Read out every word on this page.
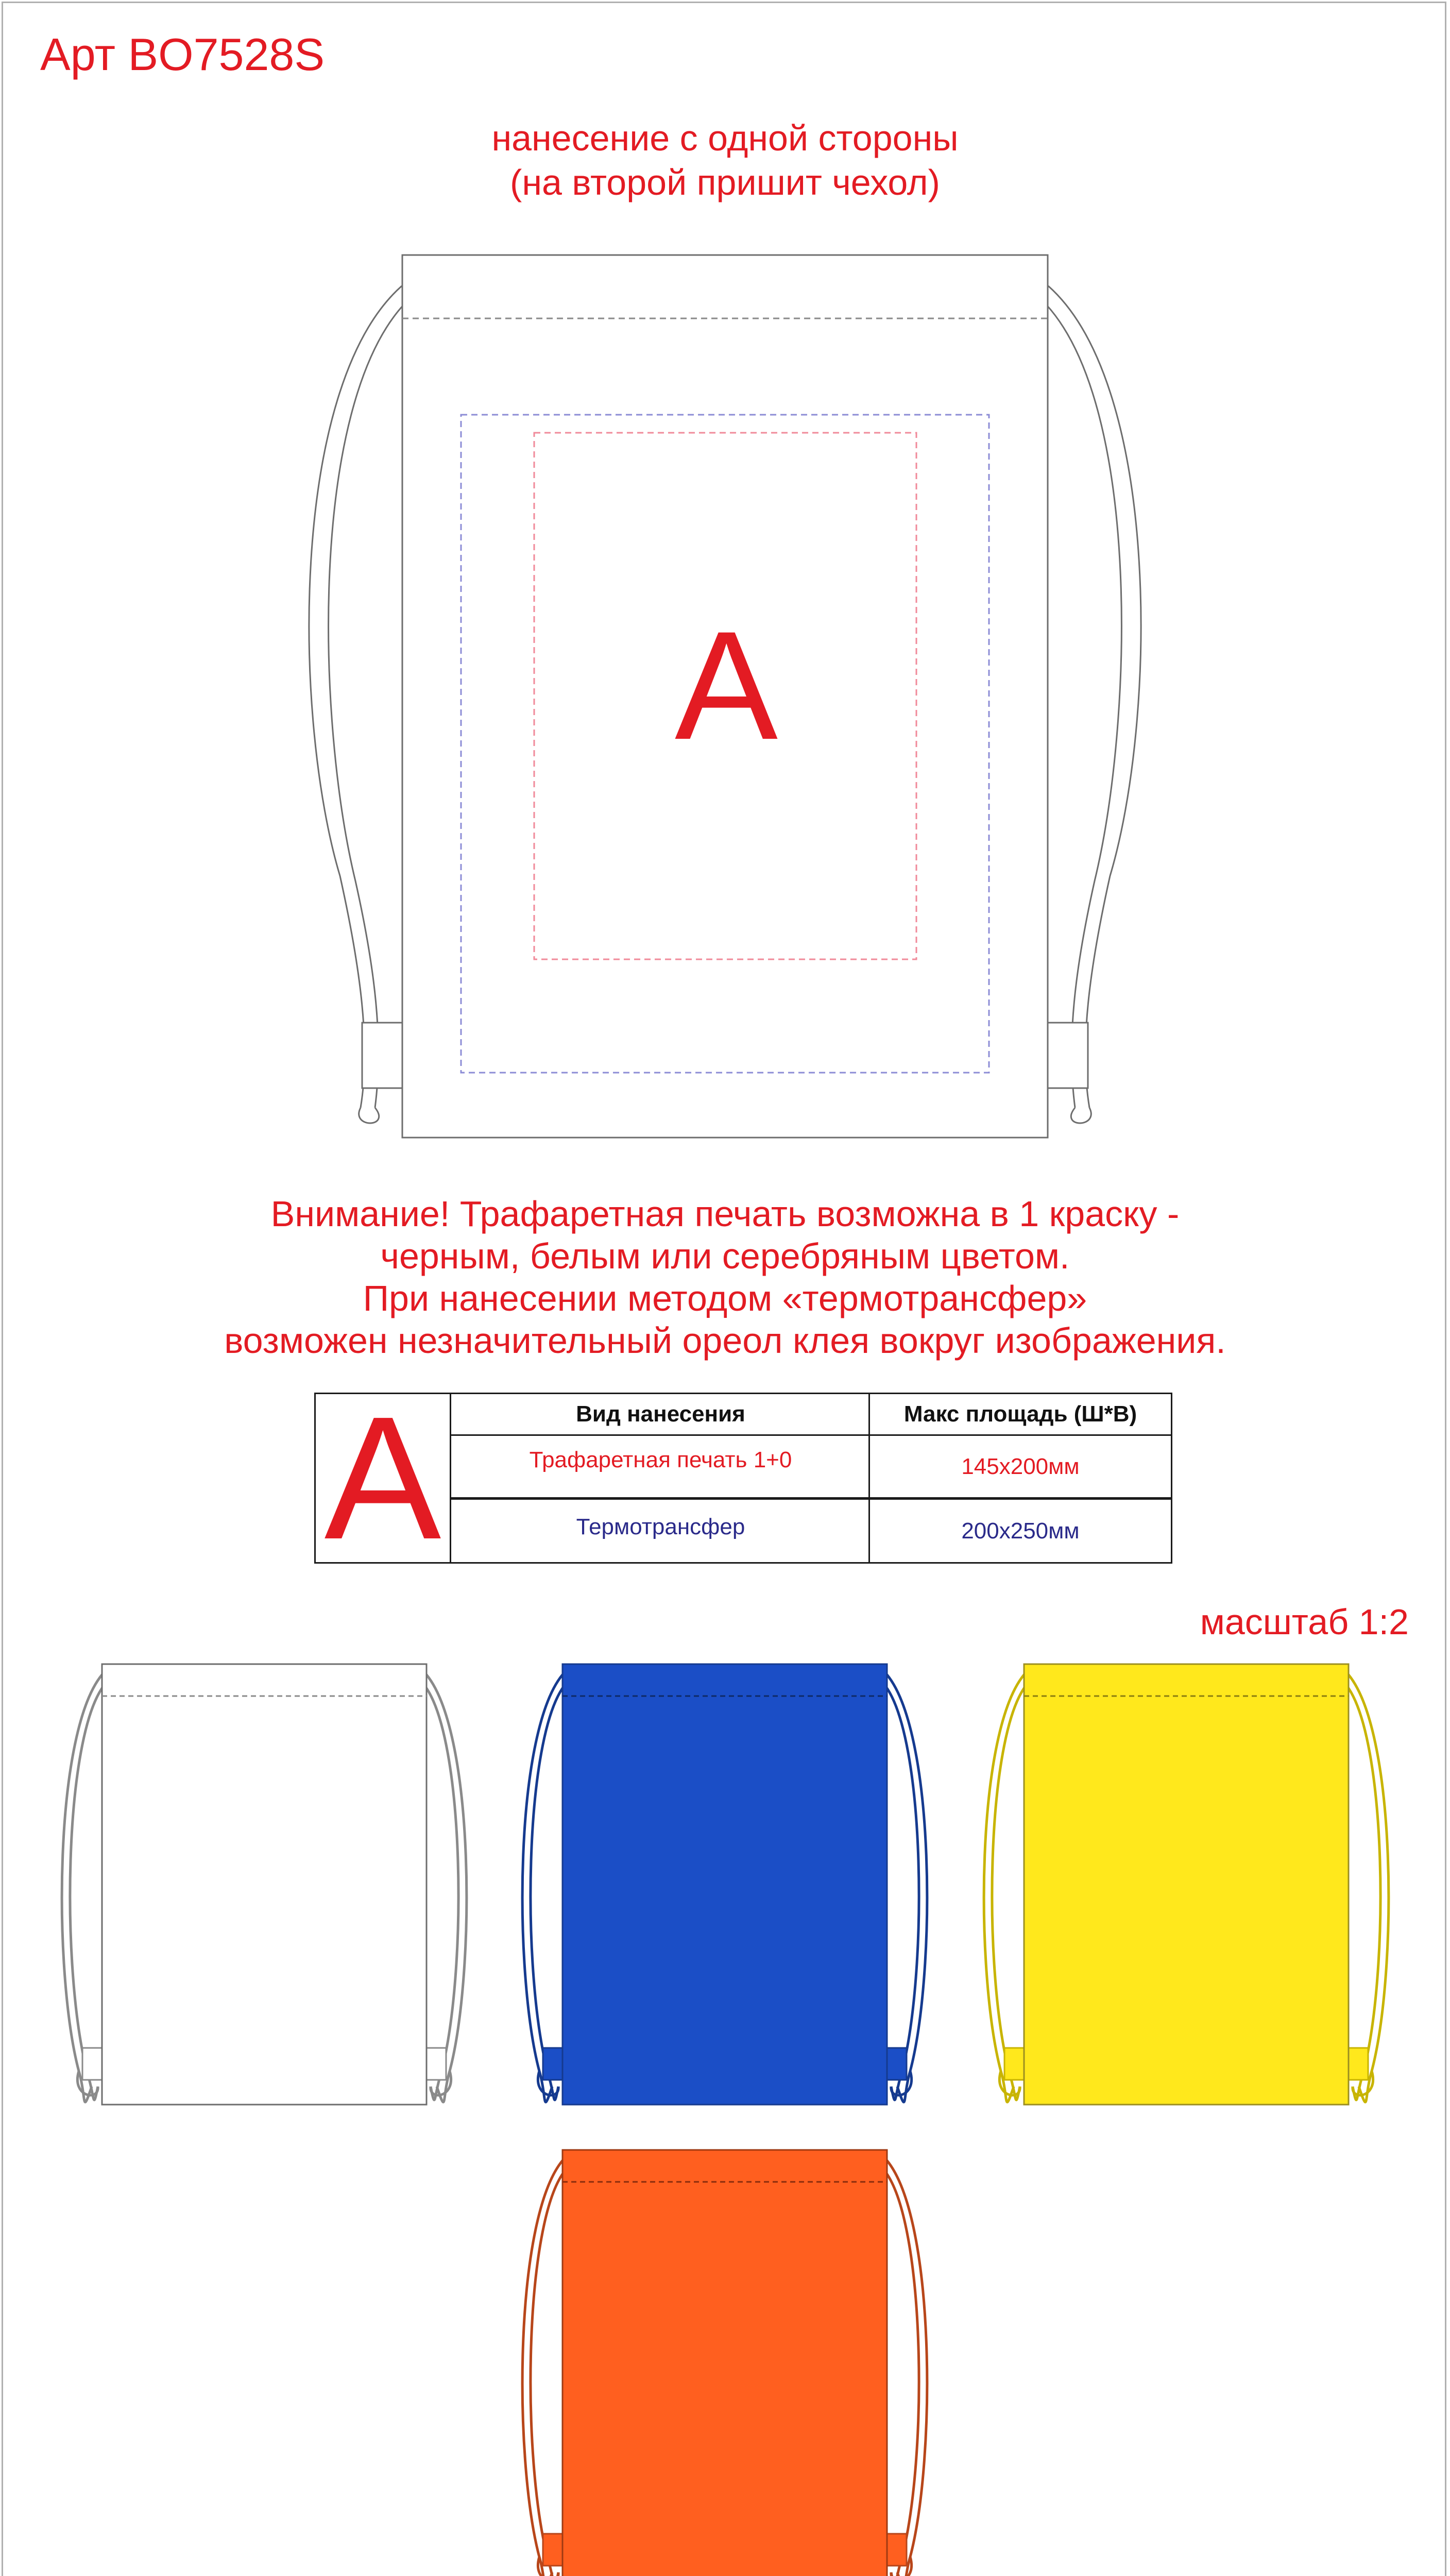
Арт BO7528S
нанесение с одной стороны
(на второй пришит чехол)
A
Внимание! Трафаретная печать возможна в 1 краску -
черным, белым или серебряным цветом.
При нанесении методом «термотрансфер»
возможен незначительный ореол клея вокруг изображения.
A	Вид нанесения	Макс площадь (Ш*В)
Трафаретная печать 1+0	145х200мм
Термотрансфер	200х250мм
масштаб 1:2
